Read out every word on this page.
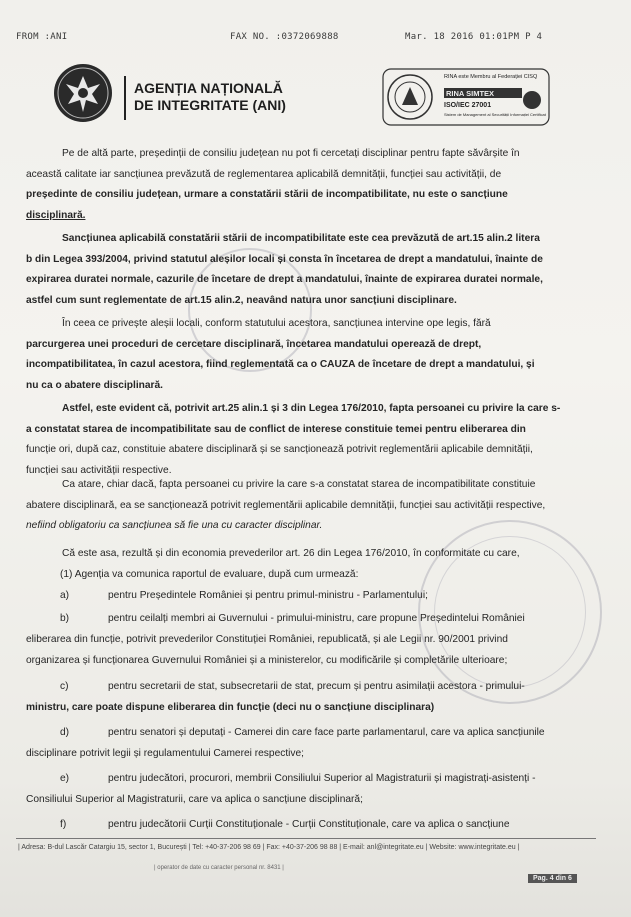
FROM :ANI	FAX NO. :0372069888	Mar. 18 2016 01:01PM P 4
AGENȚIA NAȚIONALĂ
DE INTEGRITATE (ANI)
RINA este Membru al Federației CISQ
RINA SIMTEX
ISO/IEC 27001
Sistem de Management al Securității Informației Certificat
Pe de altă parte, președinții de consiliu județean nu pot fi cercetați disciplinar pentru fapte săvârșite în
această calitate iar sancțiunea prevăzută de reglementarea aplicabilă demnității, funcției sau activității, de
președinte de consiliu județean, urmare a constatării stării de incompatibilitate, nu este o sancțiune
disciplinară.
Sancțiunea aplicabilă constatării stării de incompatibilitate este cea prevăzută de art.15 alin.2 litera
b din Legea 393/2004, privind statutul aleșilor locali și consta în încetarea de drept a mandatului, înainte de
expirarea duratei normale, cazurile de încetare de drept a mandatului, înainte de expirarea duratei normale,
astfel cum sunt reglementate de art.15 alin.2, neavând natura unor sancțiuni disciplinare.
În ceea ce privește aleșii locali, conform statutului acestora, sancțiunea intervine ope legis, fără
parcurgerea unei proceduri de cercetare disciplinară, încetarea mandatului operează de drept,
incompatibilitatea, în cazul acestora, fiind reglementată ca o CAUZA de încetare de drept a mandatului, și
nu ca o abatere disciplinară.
Astfel, este evident că, potrivit art.25 alin.1 și 3 din Legea 176/2010, fapta persoanei cu privire la care s-
a constatat starea de incompatibilitate sau de conflict de interese constituie temei pentru eliberarea din
funcție ori, după caz, constituie abatere disciplinară și se sancționează potrivit reglementării aplicabile demnității,
funcției sau activității respective.
Ca atare, chiar dacă, fapta persoanei cu privire la care s-a constatat starea de incompatibilitate constituie
abatere disciplinară, ea se sancționează potrivit reglementării aplicabile demnității, funcției sau activității respective,
nefiind obligatoriu ca sancțiunea să fie una cu caracter disciplinar.
Că este asa, rezultă și din economia prevederilor art. 26 din Legea 176/2010, în conformitate cu care,
(1) Agenția va comunica raportul de evaluare, după cum urmează:
a)	pentru Președintele României și pentru primul-ministru - Parlamentului;
b)	pentru ceilalți membri ai Guvernului - primului-ministru, care propune Președintelui României
eliberarea din funcție, potrivit prevederilor Constituției României, republicată, și ale Legii nr. 90/2001 privind
organizarea și funcționarea Guvernului României și a ministerelor, cu modificările și completările ulterioare;
c)	pentru secretarii de stat, subsecretarii de stat, precum și pentru asimilații acestora - primului-
ministru, care poate dispune eliberarea din funcție (deci nu o sancțiune disciplinara)
d)	pentru senatori și deputați - Camerei din care face parte parlamentarul, care va aplica sancțiunile
disciplinare potrivit legii și regulamentului Camerei respective;
e)	pentru judecători, procurori, membrii Consiliului Superior al Magistraturii și magistrați-asistenți -
Consiliului Superior al Magistraturii, care va aplica o sancțiune disciplinară;
f)	pentru judecătorii Curții Constituționale - Curții Constituționale, care va aplica o sancțiune
| Adresa: B-dul Lascăr Catargiu 15, sector 1, București | Tel: +40-37-206 98 69 | Fax: +40-37-206 98 88 | E-mail: anl@integritate.eu | Website: www.integritate.eu |
| operator de date cu caracter personal nr. 8431 |
Pag. 4 din 6
